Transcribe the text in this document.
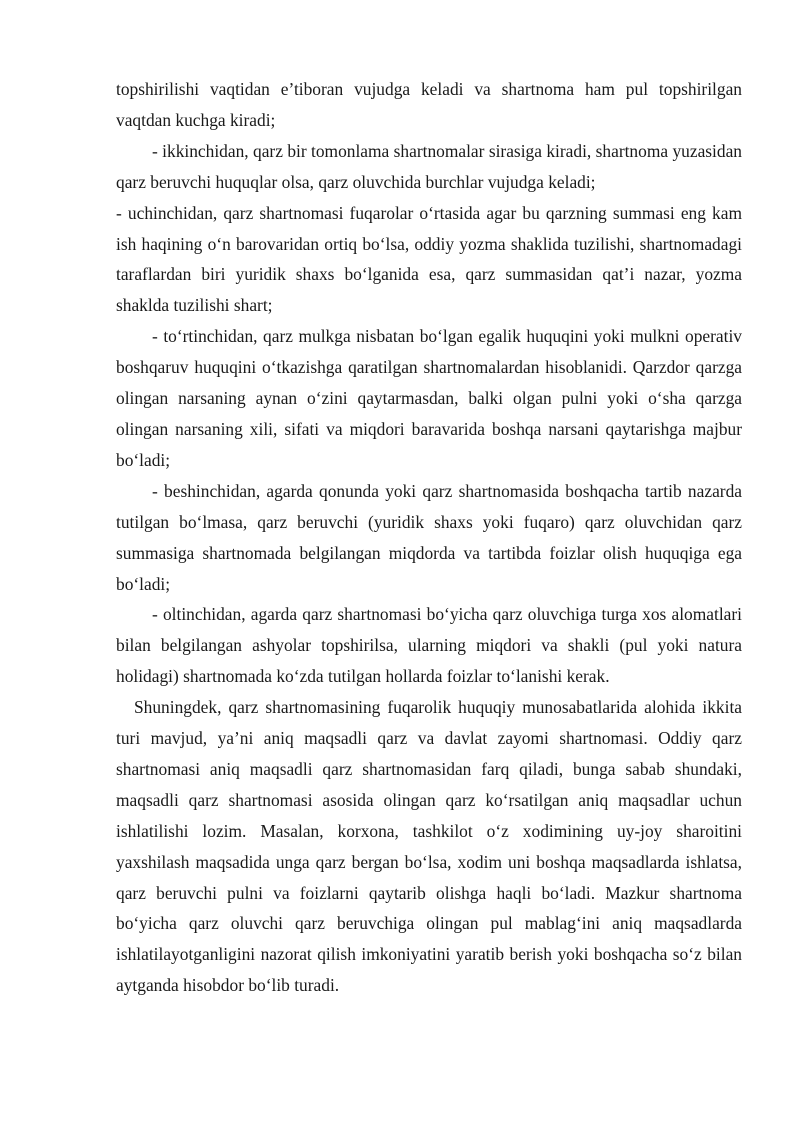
topshirilishi vaqtidan e’tiboran vujudga keladi va shartnoma ham pul topshirilgan vaqtdan kuchga kiradi;

- ikkinchidan, qarz bir tomonlama shartnomalar sirasiga kiradi, shartnoma yuzasidan qarz beruvchi huquqlar olsa, qarz oluvchida burchlar vujudga keladi;

- uchinchidan, qarz shartnomasi fuqarolar o‘rtasida agar bu qarzning summasi eng kam ish haqining o‘n barovaridan ortiq bo‘lsa, oddiy yozma shaklida tuzilishi, shartnomadagi taraflardan biri yuridik shaxs bo‘lganida esa, qarz summasidan qat’i nazar, yozma shaklda tuzilishi shart;

- to‘rtinchidan, qarz mulkga nisbatan bo‘lgan egalik huquqini yoki mulkni operativ boshqaruv huquqini o‘tkazishga qaratilgan shartnomalardan hisoblanidi. Qarzdor qarzga olingan narsaning aynan o‘zini qaytarmasdan, balki olgan pulni yoki o‘sha qarzga olingan narsaning xili, sifati va miqdori baravarida boshqa narsani qaytarishga majbur bo‘ladi;

- beshinchidan, agarda qonunda yoki qarz shartnomasida boshqacha tartib nazarda tutilgan bo‘lmasa, qarz beruvchi (yuridik shaxs yoki fuqaro) qarz oluvchidan qarz summasiga shartnomada belgilangan miqdorda va tartibda foizlar olish huquqiga ega bo‘ladi;

- oltinchidan, agarda qarz shartnomasi bo‘yicha qarz oluvchiga turga xos alomatlari bilan belgilangan ashyolar topshirilsa, ularning miqdori va shakli (pul yoki natura holidagi) shartnomada ko‘zda tutilgan hollarda foizlar to‘lanishi kerak.

Shuningdek, qarz shartnomasining fuqarolik huquqiy munosabatlarida alohida ikkita turi mavjud, ya’ni aniq maqsadli qarz va davlat zayomi shartnomasi. Oddiy qarz shartnomasi aniq maqsadli qarz shartnomasidan farq qiladi, bunga sabab shundaki, maqsadli qarz shartnomasi asosida olingan qarz ko‘rsatilgan aniq maqsadlar uchun ishlatilishi lozim. Masalan, korxona, tashkilot o‘z xodimining uy-joy sharoitini yaxshilash maqsadida unga qarz bergan bo‘lsa, xodim uni boshqa maqsadlarda ishlatsa, qarz beruvchi pulni va foizlarni qaytarib olishga haqli bo‘ladi. Mazkur shartnoma bo‘yicha qarz oluvchi qarz beruvchiga olingan pul mablag‘ini aniq maqsadlarda ishlatilayotganligini nazorat qilish imkoniyatini yaratib berish yoki boshqacha so‘z bilan aytganda hisobdor bo‘lib turadi.
